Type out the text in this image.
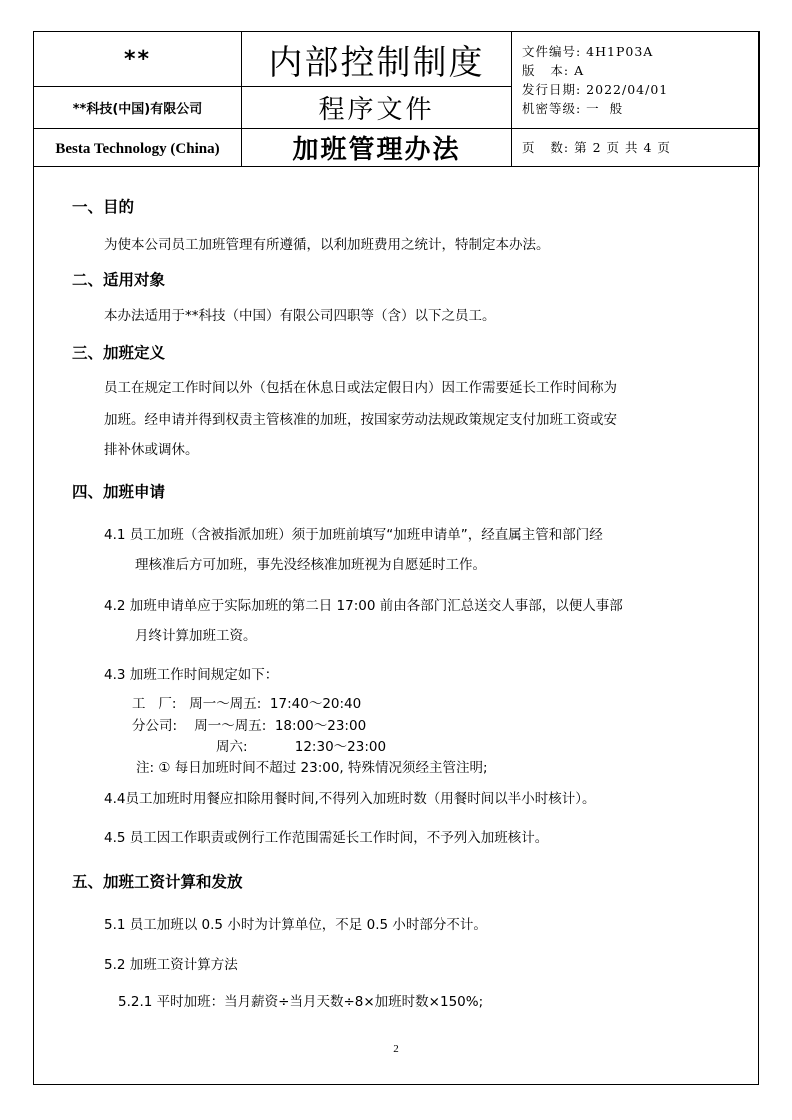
**	内部控制制度	文件编号: 4H1P03A
版   本: A
发行日期: 2022/04/01
机密等级: 一  般

**科技(中国)有限公司	程序文件	
Besta Technology (China)	加班管理办法	页   数: 第 2 页 共 4 页
一、目的
为使本公司员工加班管理有所遵循，以利加班费用之统计，特制定本办法。
二、适用对象
本办法适用于**科技（中国）有限公司四职等（含）以下之员工。
三、加班定义
员工在规定工作时间以外（包括在休息日或法定假日内）因工作需要延长工作时间称为
加班。经申请并得到权责主管核准的加班，按国家劳动法规政策规定支付加班工资或安
排补休或调休。
四、加班申请
4.1 员工加班（含被指派加班）须于加班前填写“加班申请单”，经直属主管和部门经
理核准后方可加班，事先没经核准加班视为自愿延时工作。
4.2 加班申请单应于实际加班的第二日 17:00 前由各部门汇总送交人事部，以便人事部
月终计算加班工资。
4.3 加班工作时间规定如下：
工   厂:   周一～周五:  17:40～20:40
分公司:    周一～周五:  18:00～23:00
周六:           12:30～23:00
注: ① 每日加班时间不超过 23:00, 特殊情况须经主管注明;
4.4员工加班时用餐应扣除用餐时间,不得列入加班时数（用餐时间以半小时核计）。
4.5 员工因工作职责或例行工作范围需延长工作时间，不予列入加班核计。
五、加班工资计算和发放
5.1 员工加班以 0.5 小时为计算单位，不足 0.5 小时部分不计。
5.2 加班工资计算方法
5.2.1 平时加班：当月薪资÷当月天数÷8×加班时数×150%;
2
